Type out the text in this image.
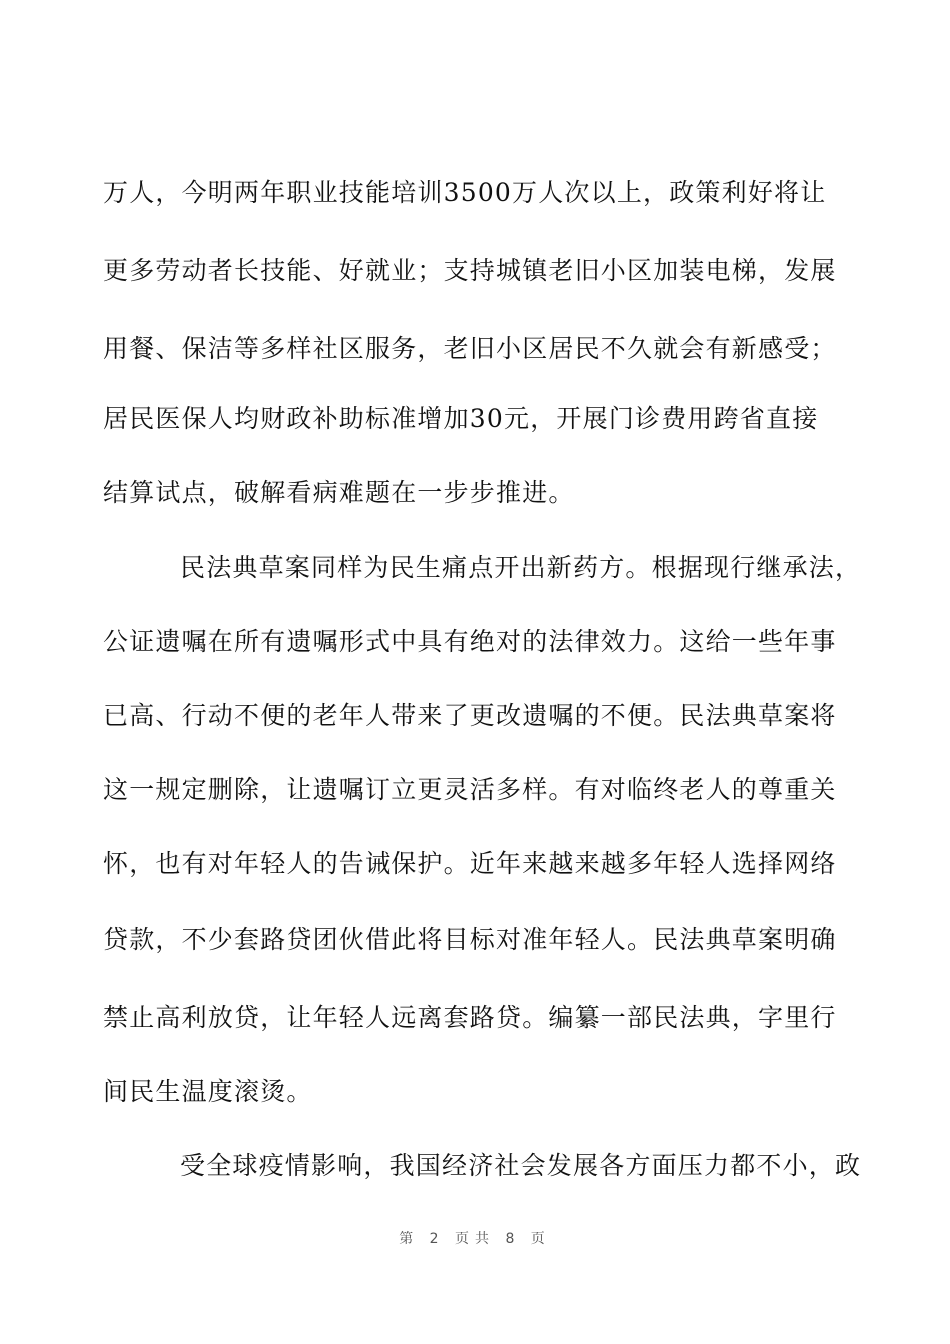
万人，今明两年职业技能培训3500万人次以上，政策利好将让
更多劳动者长技能、好就业；支持城镇老旧小区加装电梯，发展
用餐、保洁等多样社区服务，老旧小区居民不久就会有新感受；
居民医保人均财政补助标准增加30元，开展门诊费用跨省直接
结算试点，破解看病难题在一步步推进。
民法典草案同样为民生痛点开出新药方。根据现行继承法，
公证遗嘱在所有遗嘱形式中具有绝对的法律效力。这给一些年事
已高、行动不便的老年人带来了更改遗嘱的不便。民法典草案将
这一规定删除，让遗嘱订立更灵活多样。有对临终老人的尊重关
怀，也有对年轻人的告诫保护。近年来越来越多年轻人选择网络
贷款，不少套路贷团伙借此将目标对准年轻人。民法典草案明确
禁止高利放贷，让年轻人远离套路贷。编纂一部民法典，字里行
间民生温度滚烫。
受全球疫情影响，我国经济社会发展各方面压力都不小，政
第 2 页共 8 页
